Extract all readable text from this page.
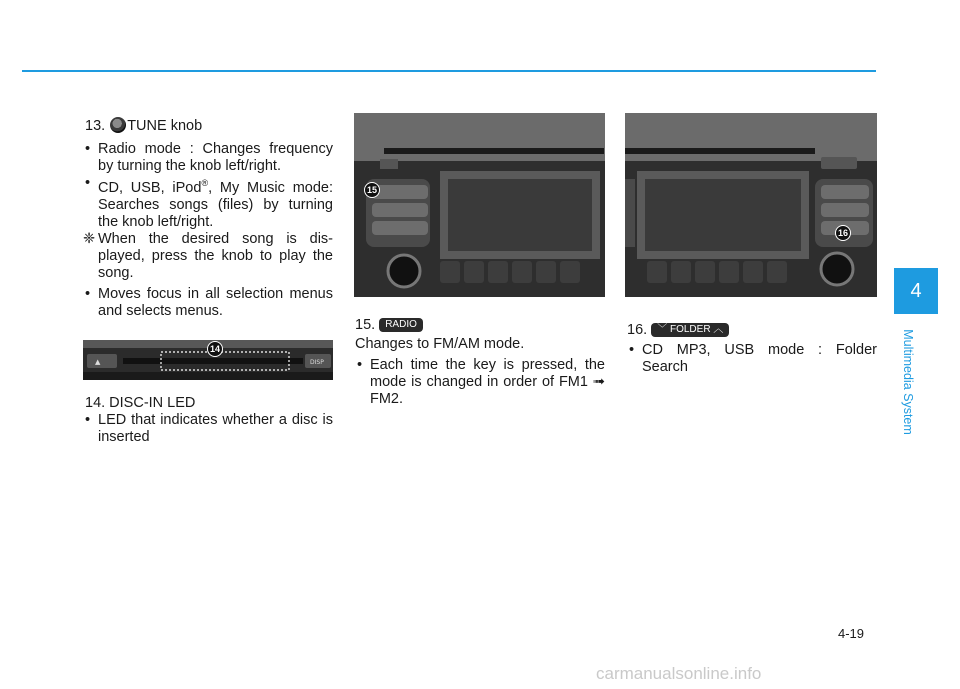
13. TUNE knob

• Radio mode : Changes frequency by turning the knob left/right.

• CD, USB, iPod®, My Music mode: Searches songs (files) by turning the knob left/right.

❈ When the desired song is dis- played, press the knob to play the song.

• Moves focus in all selection menus and selects menus.

▲	DISP
14

14. DISC-IN LED

• LED that indicates whether a disc is inserted

15
16

15. RADIO

Changes to FM/AM mode.

• Each time the key is pressed, the mode is changed in order of FM1 ➟ FM2.

16. ﹀ FOLDER ︿

• CD MP3, USB mode : Folder Search

4
Multimedia System
4-19
carmanualsonline.info
